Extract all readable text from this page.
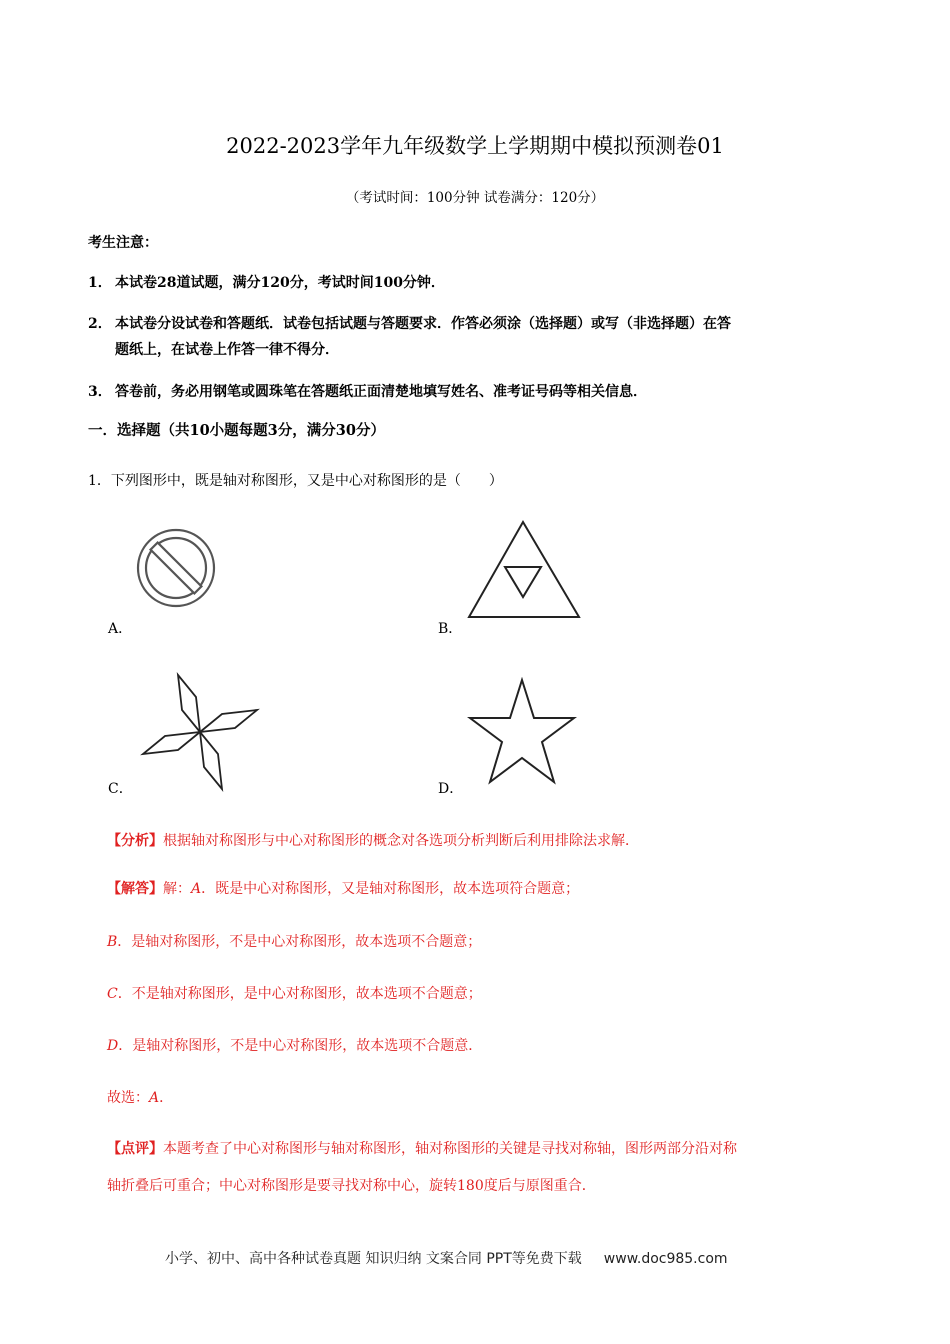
2022-2023学年九年级数学上学期期中模拟预测卷01
（考试时间：100分钟 试卷满分：120分）
考生注意：
1． 本试卷28道试题，满分120分，考试时间100分钟．
2． 本试卷分设试卷和答题纸．试卷包括试题与答题要求．作答必须涂（选择题）或写（非选择题）在答
题纸上，在试卷上作答一律不得分．
3． 答卷前，务必用钢笔或圆珠笔在答题纸正面清楚地填写姓名、准考证号码等相关信息．
一．选择题（共10小题每题3分，满分30分）
1．下列图形中，既是轴对称图形，又是中心对称图形的是（　　）
A．	B．
C．	D．
【分析】根据轴对称图形与中心对称图形的概念对各选项分析判断后利用排除法求解．
【解答】解：A．既是中心对称图形，又是轴对称图形，故本选项符合题意；
B．是轴对称图形，不是中心对称图形，故本选项不合题意；
C．不是轴对称图形，是中心对称图形，故本选项不合题意；
D．是轴对称图形，不是中心对称图形，故本选项不合题意．
故选：A．
【点评】本题考查了中心对称图形与轴对称图形，轴对称图形的关键是寻找对称轴，图形两部分沿对称
轴折叠后可重合；中心对称图形是要寻找对称中心，旋转180度后与原图重合．
小学、初中、高中各种试卷真题 知识归纳 文案合同 PPT等免费下载 www.doc985.com
